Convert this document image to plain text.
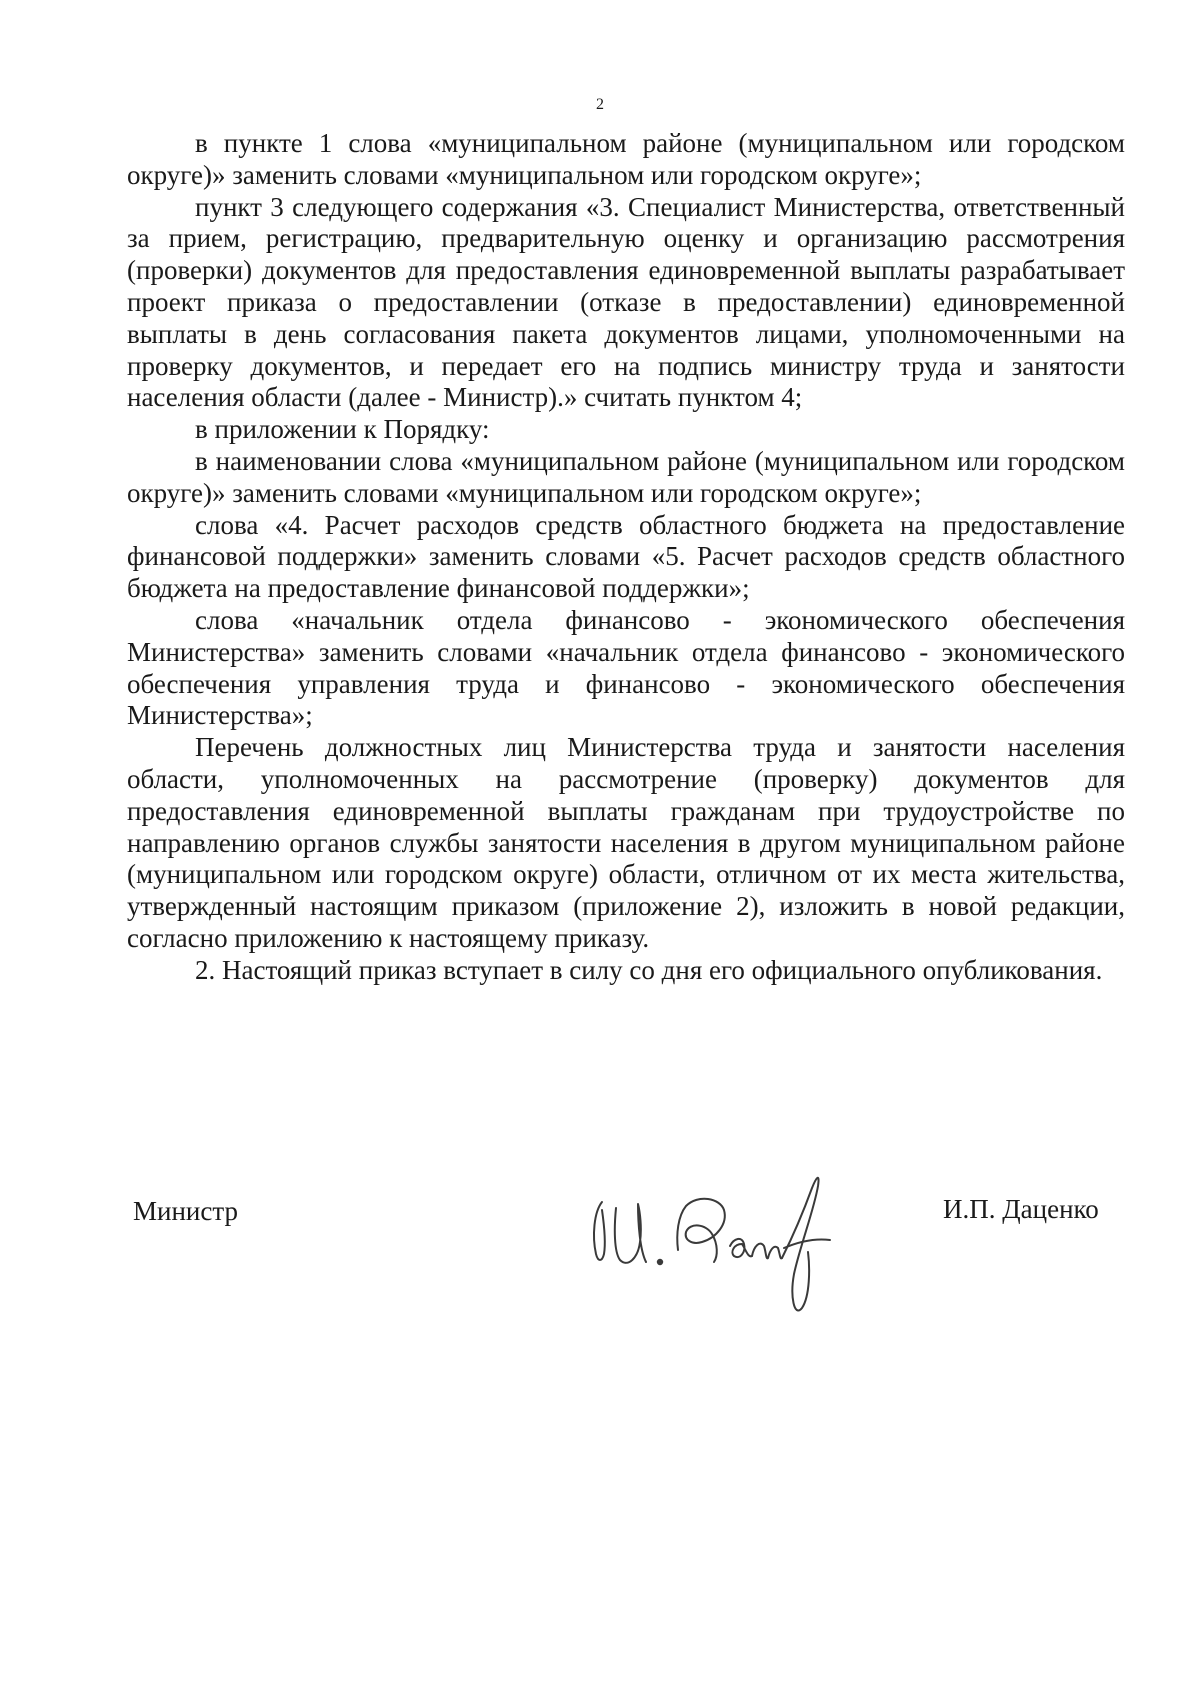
2

в пункте 1 слова «муниципальном районе (муниципальном или городском округе)» заменить словами «муниципальном или городском округе»;

пункт 3 следующего содержания «3. Специалист Министерства, ответственный за прием, регистрацию, предварительную оценку и организацию рассмотрения (проверки) документов для предоставления единовременной выплаты разрабатывает проект приказа о предоставлении (отказе в предоставлении) единовременной выплаты в день согласования пакета документов лицами, уполномоченными на проверку документов, и передает его на подпись министру труда и занятости населения области (далее - Министр).» считать пунктом 4;

в приложении к Порядку:

в наименовании слова «муниципальном районе (муниципальном или городском округе)» заменить словами «муниципальном или городском округе»;

слова «4. Расчет расходов средств областного бюджета на предоставление финансовой поддержки» заменить словами «5. Расчет расходов средств областного бюджета на предоставление финансовой поддержки»;

слова «начальник отдела финансово - экономического обеспечения Министерства» заменить словами «начальник отдела финансово - экономического обеспечения управления труда и финансово - экономического обеспечения Министерства»;

Перечень должностных лиц Министерства труда и занятости населения области, уполномоченных на рассмотрение (проверку) документов для предоставления единовременной выплаты гражданам при трудоустройстве по направлению органов службы занятости населения в другом муниципальном районе (муниципальном или городском округе) области, отличном от их места жительства, утвержденный настоящим приказом (приложение 2), изложить в новой редакции, согласно приложению к настоящему приказу.

2. Настоящий приказ вступает в силу со дня его официального опубликования.

Министр	И.П. Даценко
